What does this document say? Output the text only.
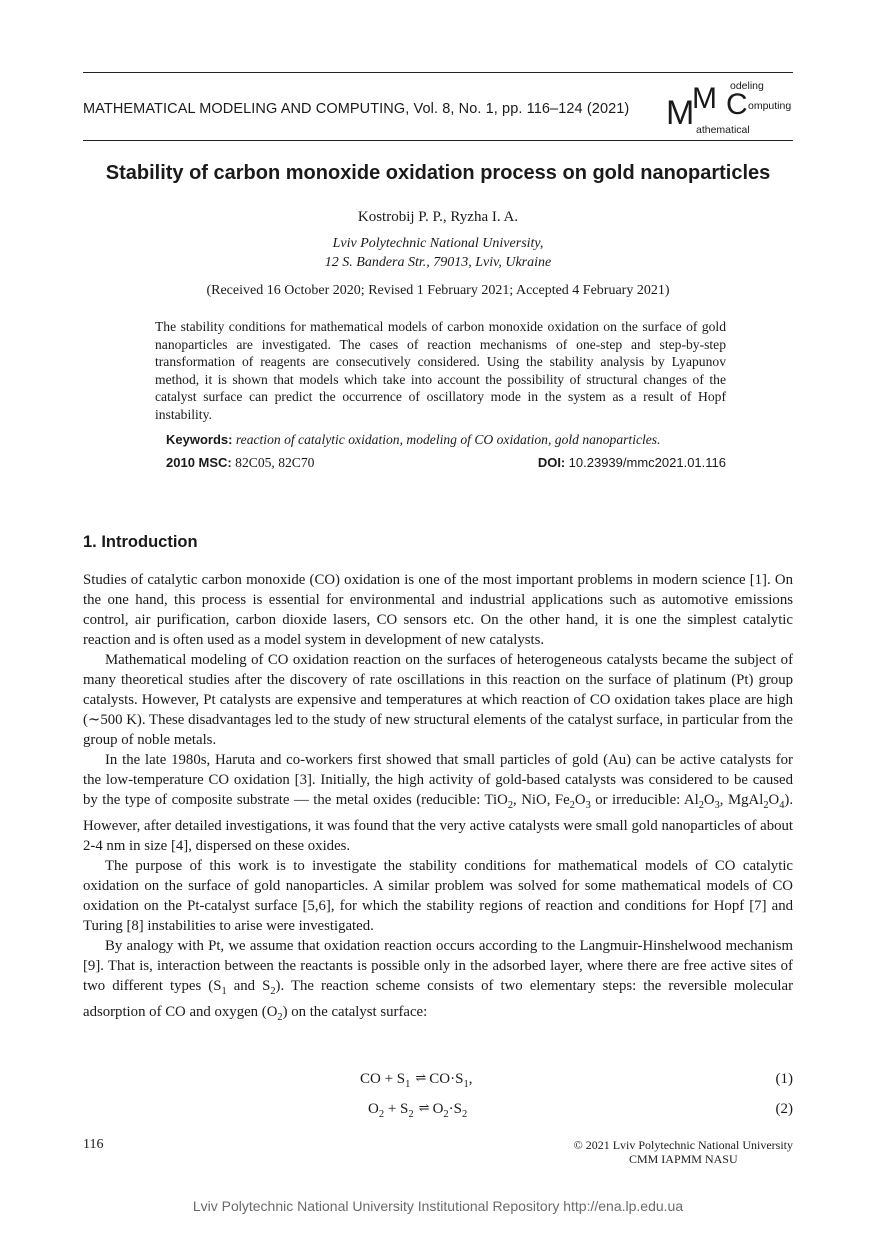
MATHEMATICAL MODELING AND COMPUTING, Vol. 8, No. 1, pp. 116–124 (2021) M
M C
odeling
omputing
athematical
Stability of carbon monoxide oxidation process on gold nanoparticles
Kostrobij P. P., Ryzha I. A.
Lviv Polytechnic National University,
12 S. Bandera Str., 79013, Lviv, Ukraine
(Received 16 October 2020; Revised 1 February 2021; Accepted 4 February 2021)
The stability conditions for mathematical models of carbon monoxide oxidation on the surface of gold nanoparticles are investigated. The cases of reaction mechanisms of one-step and step-by-step transformation of reagents are consecutively considered. Using the stability analysis by Lyapunov method, it is shown that models which take into account the possibility of structural changes of the catalyst surface can predict the occurrence of oscillatory mode in the system as a result of Hopf instability.
Keywords: reaction of catalytic oxidation, modeling of CO oxidation, gold nanoparticles.
2010 MSC: 82C05, 82C70	DOI: 10.23939/mmc2021.01.116
1. Introduction

Studies of catalytic carbon monoxide (CO) oxidation is one of the most important problems in modern science [1]. On the one hand, this process is essential for environmental and industrial applications such as automotive emissions control, air purification, carbon dioxide lasers, CO sensors etc. On the other hand, it is one the simplest catalytic reaction and is often used as a model system in development of new catalysts.

Mathematical modeling of CO oxidation reaction on the surfaces of heterogeneous catalysts became the subject of many theoretical studies after the discovery of rate oscillations in this reaction on the surface of platinum (Pt) group catalysts. However, Pt catalysts are expensive and temperatures at which reaction of CO oxidation takes place are high (∼500 K). These disadvantages led to the study of new structural elements of the catalyst surface, in particular from the group of noble metals.

In the late 1980s, Haruta and co-workers first showed that small particles of gold (Au) can be active catalysts for the low-temperature CO oxidation [3]. Initially, the high activity of gold-based catalysts was considered to be caused by the type of composite substrate — the metal oxides (reducible: TiO$_2$, NiO, $Fe_2O_3$ or irreducible: $Al_2O_3$, $MgAl_2O_4$). However, after detailed investigations, it was found that the very active catalysts were small gold nanoparticles of about 2-4 nm in size [4], dispersed on these oxides.

The purpose of this work is to investigate the stability conditions for mathematical models of CO catalytic oxidation on the surface of gold nanoparticles. A similar problem was solved for some mathematical models of CO oxidation on the Pt-catalyst surface [5,6], for which the stability regions of reaction and conditions for Hopf [7] and Turing [8] instabilities to arise were investigated.

By analogy with Pt, we assume that oxidation reaction occurs according to the Langmuir-Hinshelwood mechanism [9]. That is, interaction between the reactants is possible only in the adsorbed layer, where there are free active sites of two different types ($S_1$ and $S_2$). The reaction scheme consists of two elementary steps: the reversible molecular adsorption of CO and oxygen $(O_2)$ on the catalyst surface:

CO + $S_1$ ⇌ $CO\cdot S_1$,	(1)
$O_2 + S_2$ ⇌ $O_2\cdot S_2$	(2)
116	© 2021 Lviv Polytechnic National University
CMM IAPMM NASU
Lviv Polytechnic National University Institutional Repository http://ena.lp.edu.ua
